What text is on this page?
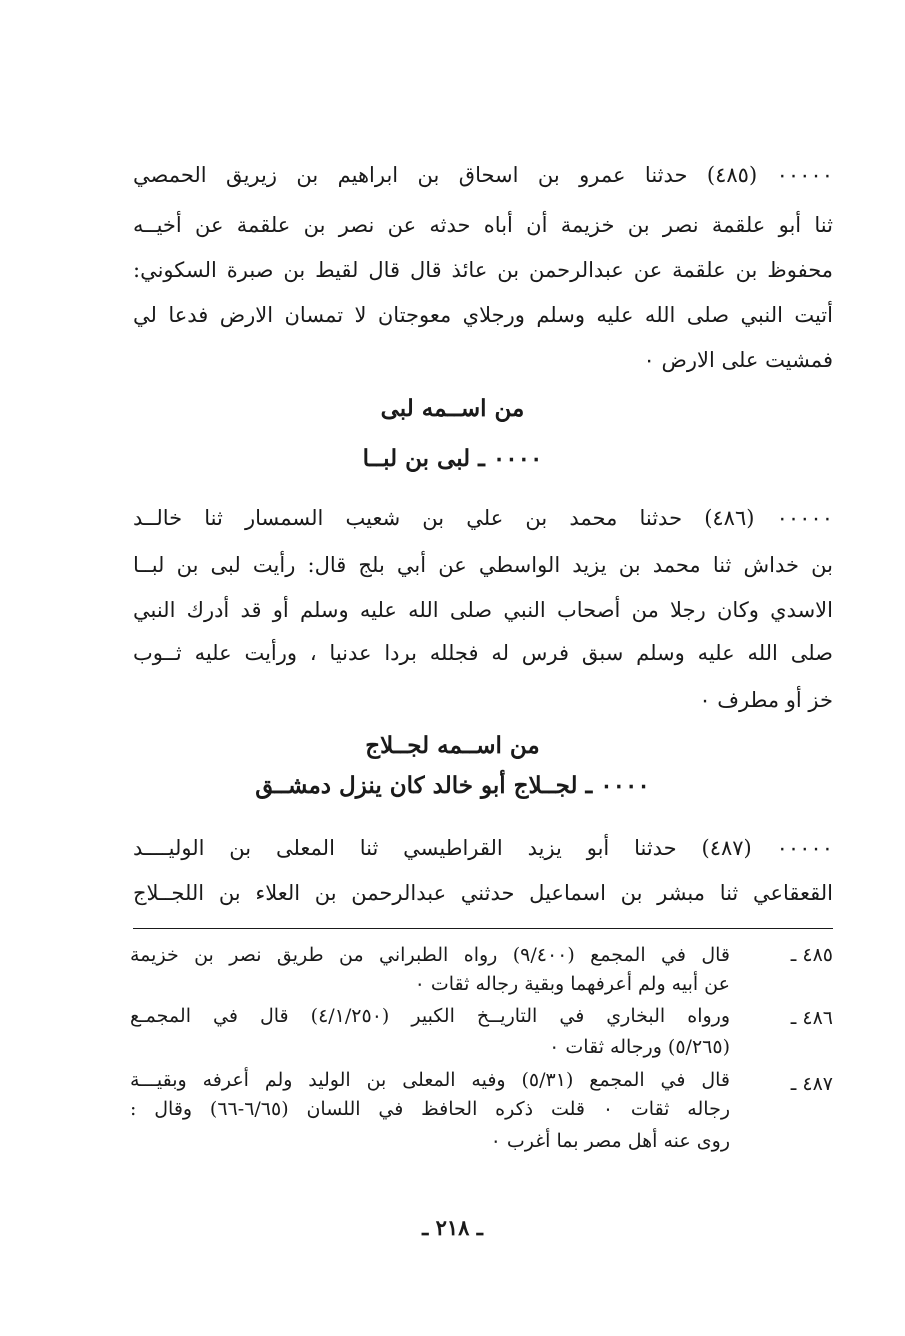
٠٠٠٠٠ (٤٨٥) حدثنا عمرو بن اسحاق بن ابراهيم بن زيريق الحمصي
ثنا أبو علقمة نصر بن خزيمة أن أباه حدثه عن نصر بن علقمة عن أخيــه
محفوظ بن علقمة عن عبدالرحمن بن عائذ قال قال لقيط بن صبرة السكوني:
أتيت النبي صلى الله عليه وسلم ورجلاي معوجتان لا تمسان الارض فدعا لي
فمشيت على الارض ٠
من اســمه لبى
٠٠٠٠ ـ لبى بن لبــا
٠٠٠٠٠ (٤٨٦) حدثنا محمد بن علي بن شعيب السمسار ثنا خالــد
بن خداش ثنا محمد بن يزيد الواسطي عن أبي بلج قال: رأيت لبى بن لبــا
الاسدي وكان رجلا من أصحاب النبي صلى الله عليه وسلم أو قد أدرك النبي
صلى الله عليه وسلم سبق فرس له فجلله بردا عدنيا ، ورأيت عليه ثــوب
خز أو مطرف ٠
من اســمه لجــلاج
٠٠٠٠ ـ لجــلاج أبو خالد كان ينزل دمشــق
٠٠٠٠٠ (٤٨٧) حدثنا أبو يزيد القراطيسي ثنا المعلى بن الوليــــد
القعقاعي ثنا مبشر بن اسماعيل حدثني عبدالرحمن بن العلاء بن اللجــلاج
٤٨٥ ـ
قال في المجمع (٩/٤٠٠) رواه الطبراني من طريق نصر بن خزيمة
عن أبيه ولم أعرفهما وبقية رجاله ثقات ٠
٤٨٦ ـ
ورواه البخاري في التاريــخ الكبير (٤/١/٢٥٠) قال في المجمـع
(٥/٢٦٥) ورجاله ثقات ٠
٤٨٧ ـ
قال في المجمع (٥/٣١) وفيه المعلى بن الوليد ولم أعرفه وبقيـــة
رجاله ثقات ٠ قلت ذكره الحافظ في اللسان (٦/٦٥-٦٦) وقال :
روى عنه أهل مصر بما أغرب ٠
ـ ٢١٨ ـ
